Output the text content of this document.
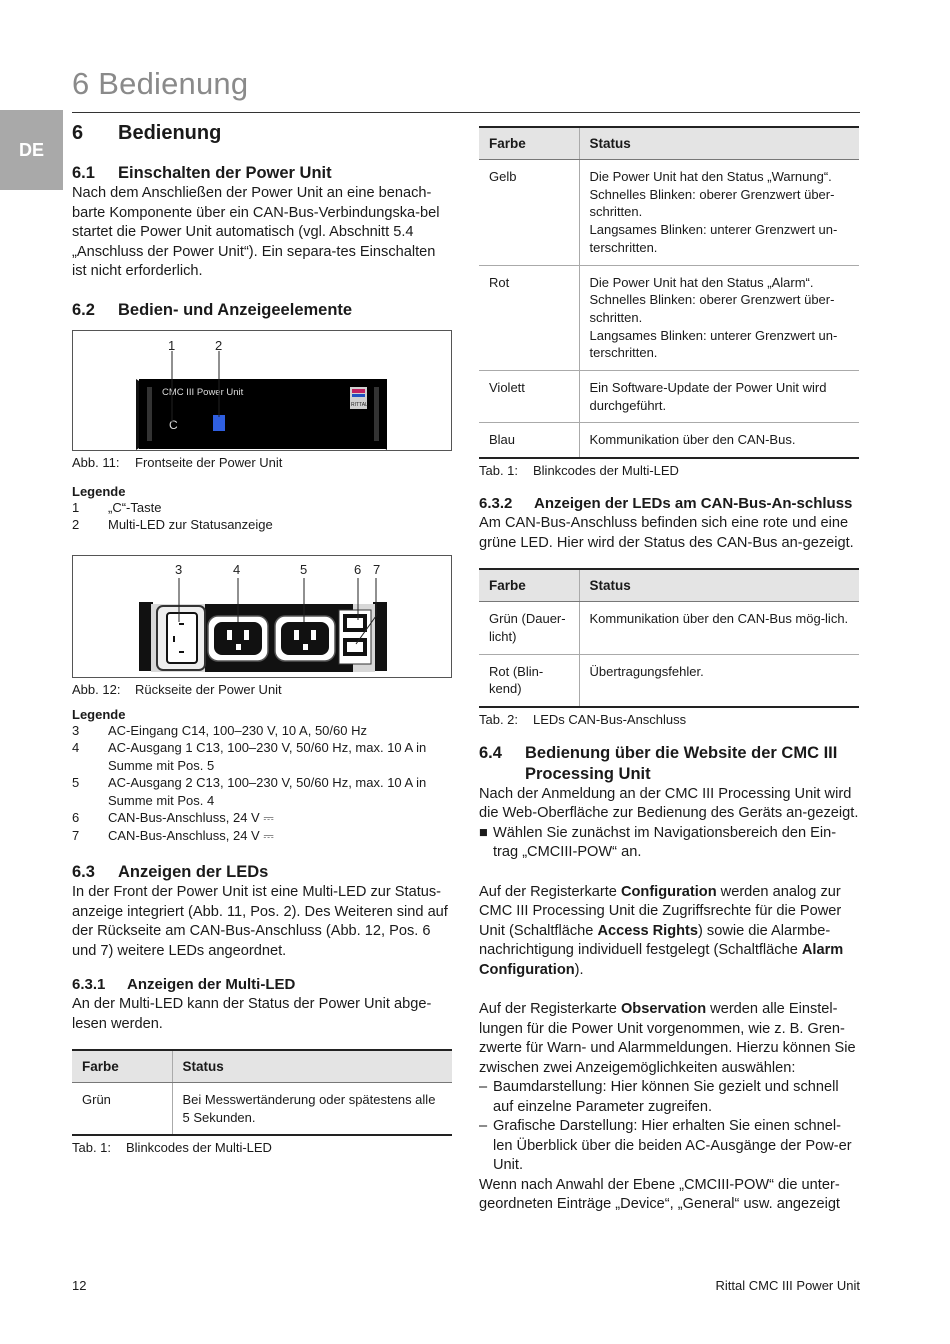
6 Bedienung
DE
6	Bedienung
6.1	Einschalten der Power Unit
Nach dem Anschließen der Power Unit an eine benach-barte Komponente über ein CAN-Bus-Verbindungska-bel startet die Power Unit automatisch (vgl. Abschnitt 5.4 „Anschluss der Power Unit“). Ein separa-tes Einschalten ist nicht erforderlich.
6.2	Bedien- und Anzeigeelemente
CMC III Power Unit
C
RITTAL
1	2
Abb. 11:	Frontseite der Power Unit
Legende
1	„C“-Taste
2	Multi-LED zur Statusanzeige
3	4	5	6 7
Abb. 12:	Rückseite der Power Unit
Legende
3	AC-Eingang C14, 100–230 V, 10 A, 50/60 Hz
4	AC-Ausgang 1 C13, 100–230 V, 50/60 Hz, max. 10 A in Summe mit Pos. 5
5	AC-Ausgang 2 C13, 100–230 V, 50/60 Hz, max. 10 A in Summe mit Pos. 4
6	CAN-Bus-Anschluss, 24 V ⎓
7	CAN-Bus-Anschluss, 24 V ⎓
6.3	Anzeigen der LEDs
In der Front der Power Unit ist eine Multi-LED zur Status-anzeige integriert (Abb. 11, Pos. 2). Des Weiteren sind auf der Rückseite am CAN-Bus-Anschluss (Abb. 12, Pos. 6 und 7) weitere LEDs angeordnet.
6.3.1	Anzeigen der Multi-LED
An der Multi-LED kann der Status der Power Unit abge-lesen werden.
Farbe	Status
Grün	Bei Messwertänderung oder spätestens alle 5 Sekunden.
Tab. 1:	Blinkcodes der Multi-LED
Farbe	Status
Gelb	Die Power Unit hat den Status „Warnung“.
Schnelles Blinken: oberer Grenzwert über-schritten.
Langsames Blinken: unterer Grenzwert un-terschritten.

Rot	Die Power Unit hat den Status „Alarm“.
Schnelles Blinken: oberer Grenzwert über-schritten.
Langsames Blinken: unterer Grenzwert un-terschritten.

Violett	Ein Software-Update der Power Unit wird durchgeführt.
Blau	Kommunikation über den CAN-Bus.
Tab. 1:	Blinkcodes der Multi-LED
6.3.2	Anzeigen der LEDs am CAN-Bus-An-schluss
Am CAN-Bus-Anschluss befinden sich eine rote und eine grüne LED. Hier wird der Status des CAN-Bus an-gezeigt.
Farbe	Status
Grün (Dauer-licht)	Kommunikation über den CAN-Bus mög-lich.
Rot (Blin-kend)	Übertragungsfehler.
Tab. 2:	LEDs CAN-Bus-Anschluss
6.4	Bedienung über die Website der CMC III Processing Unit
Nach der Anmeldung an der CMC III Processing Unit wird die Web-Oberfläche zur Bedienung des Geräts an-gezeigt.
■ Wählen Sie zunächst im Navigationsbereich den Ein-trag „CMCIII-POW“ an.
Auf der Registerkarte Configuration werden analog zur CMC III Processing Unit die Zugriffsrechte für die Power Unit (Schaltfläche Access Rights) sowie die Alarmbe-nachrichtigung individuell festgelegt (Schaltfläche Alarm Configuration).
Auf der Registerkarte Observation werden alle Einstel-lungen für die Power Unit vorgenommen, wie z. B. Gren-zwerte für Warn- und Alarmmeldungen. Hierzu können Sie zwischen zwei Anzeigemöglichkeiten auswählen:
– Baumdarstellung: Hier können Sie gezielt und schnell auf einzelne Parameter zugreifen.
– Grafische Darstellung: Hier erhalten Sie einen schnel-len Überblick über die beiden AC-Ausgänge der Pow-er Unit.
Wenn nach Anwahl der Ebene „CMCIII-POW“ die unter-geordneten Einträge „Device“, „General“ usw. angezeigt
12	Rittal CMC III Power Unit
